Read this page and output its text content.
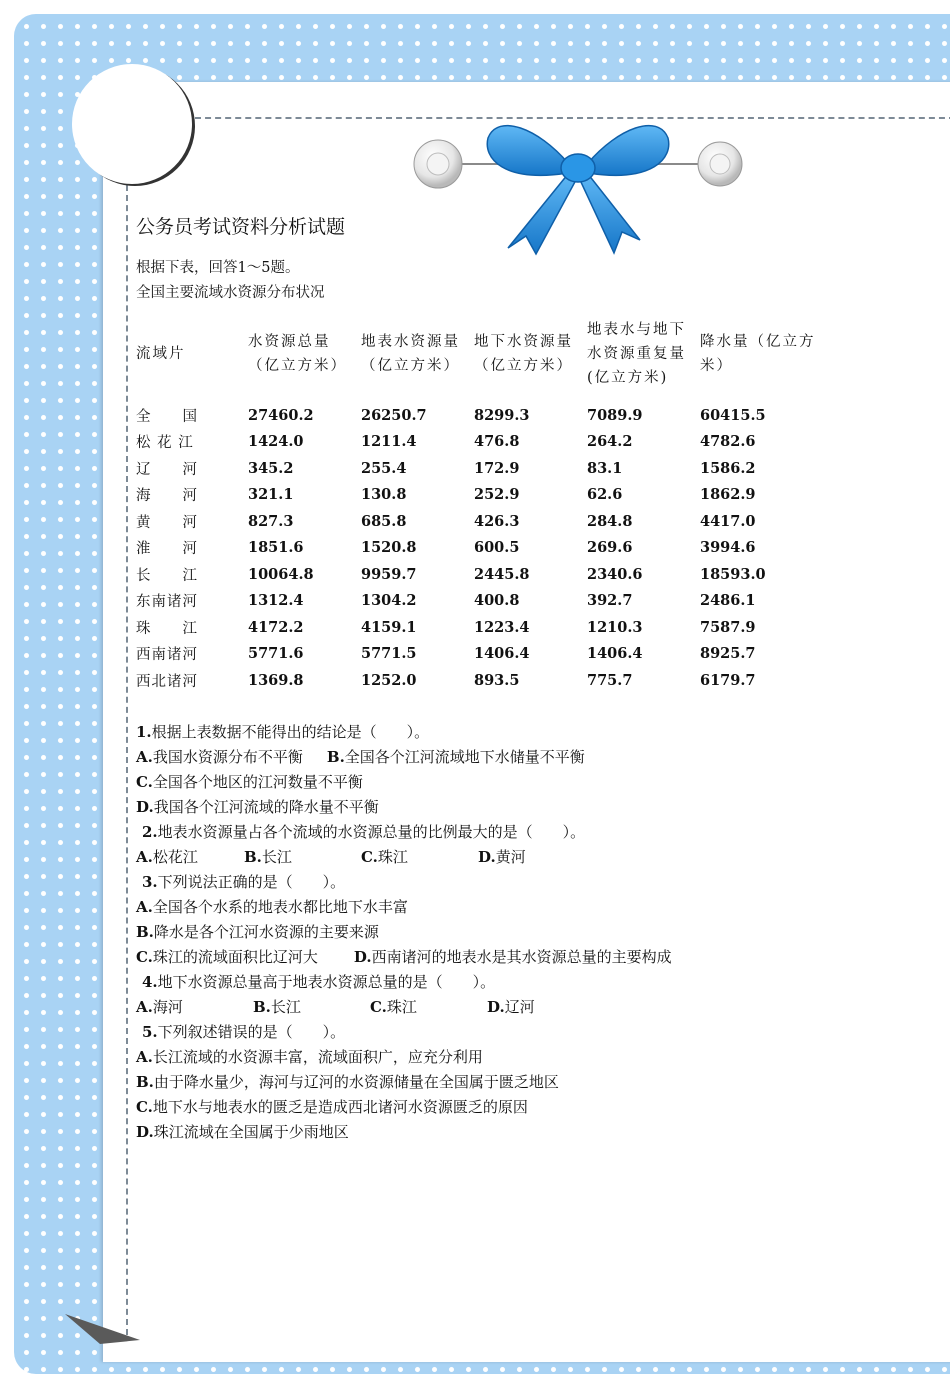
公务员考试资料分析试题
根据下表，回答1～5题。
全国主要流域水资源分布状况
流域片	水资源总量（亿立方米）	地表水资源量（亿立方米）	地下水资源量（亿立方米）	地表水与地下水资源重复量(亿立方米)	降水量（亿立方米）
全　　国	27460.2	26250.7	8299.3	7089.9	60415.5
松 花 江	1424.0	1211.4	476.8	264.2	4782.6
辽　　河	345.2	255.4	172.9	83.1	1586.2
海　　河	321.1	130.8	252.9	62.6	1862.9
黄　　河	827.3	685.8	426.3	284.8	4417.0
淮　　河	1851.6	1520.8	600.5	269.6	3994.6
长　　江	10064.8	9959.7	2445.8	2340.6	18593.0
东南诸河	1312.4	1304.2	400.8	392.7	2486.1
珠　　江	4172.2	4159.1	1223.4	1210.3	7587.9
西南诸河	5771.6	5771.5	1406.4	1406.4	8925.7
西北诸河	1369.8	1252.0	893.5	775.7	6179.7
1.根据上表数据不能得出的结论是（　　）。
A.我国水资源分布不平衡 B.全国各个江河流域地下水储量不平衡
C.全国各个地区的江河数量不平衡
D.我国各个江河流域的降水量不平衡
2.地表水资源量占各个流域的水资源总量的比例最大的是（　　）。
A.松花江	B.长江	C.珠江	D.黄河
3.下列说法正确的是（　　）。
A.全国各个水系的地表水都比地下水丰富
B.降水是各个江河水资源的主要来源
C.珠江的流域面积比辽河大 D.西南诸河的地表水是其水资源总量的主要构成
4.地下水资源总量高于地表水资源总量的是（　　）。
A.海河	B.长江	C.珠江	D.辽河
5.下列叙述错误的是（　　）。
A.长江流域的水资源丰富，流域面积广，应充分利用
B.由于降水量少，海河与辽河的水资源储量在全国属于匮乏地区
C.地下水与地表水的匮乏是造成西北诸河水资源匮乏的原因
D.珠江流域在全国属于少雨地区
